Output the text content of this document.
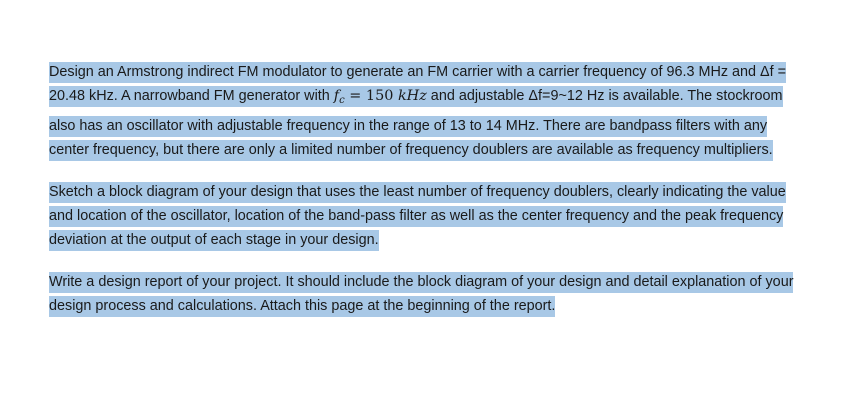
Design an Armstrong indirect FM modulator to generate an FM carrier with a carrier frequency of 96.3 MHz and Δf = 20.48 kHz. A narrowband FM generator with $f_c = 150$ kHz and adjustable Δf=9~12 Hz is available. The stockroom also has an oscillator with adjustable frequency in the range of 13 to 14 MHz. There are bandpass filters with any center frequency, but there are only a limited number of frequency doublers are available as frequency multipliers.

Sketch a block diagram of your design that uses the least number of frequency doublers, clearly indicating the value and location of the oscillator, location of the band-pass filter as well as the center frequency and the peak frequency deviation at the output of each stage in your design.

Write a design report of your project. It should include the block diagram of your design and detail explanation of your design process and calculations. Attach this page at the beginning of the report.
